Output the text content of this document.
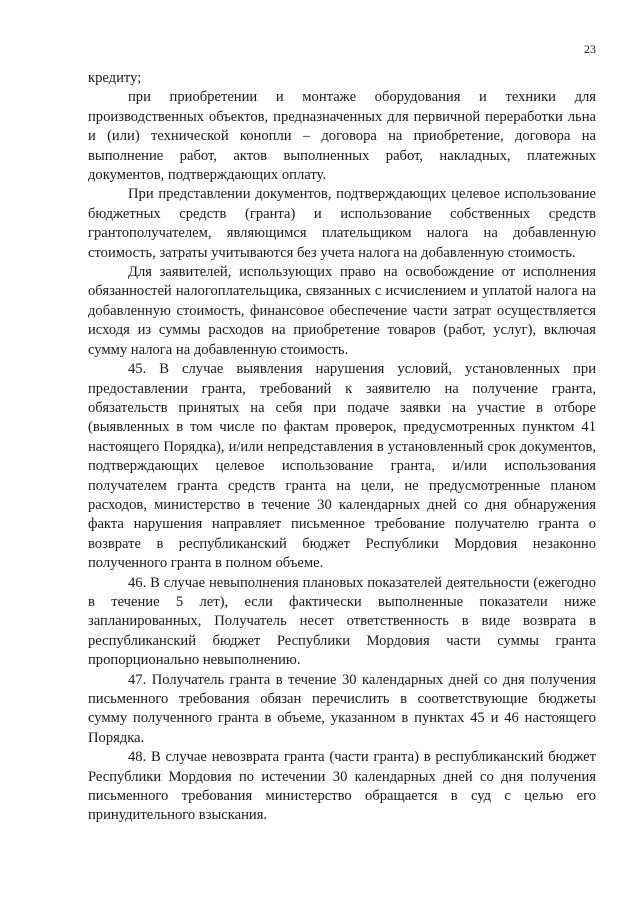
23

кредиту;

при приобретении и монтаже оборудования и техники для производственных объектов, предназначенных для первичной переработки льна и (или) технической конопли – договора на приобретение, договора на выполнение работ, актов выполненных работ, накладных, платежных документов, подтверждающих оплату.

При представлении документов, подтверждающих целевое использование бюджетных средств (гранта) и использование собственных средств грантополучателем, являющимся плательщиком налога на добавленную стоимость, затраты учитываются без учета налога на добавленную стоимость.

Для заявителей, использующих право на освобождение от исполнения обязанностей налогоплательщика, связанных с исчислением и уплатой налога на добавленную стоимость, финансовое обеспечение части затрат осуществляется исходя из суммы расходов на приобретение товаров (работ, услуг), включая сумму налога на добавленную стоимость.

45. В случае выявления нарушения условий, установленных при предоставлении гранта, требований к заявителю на получение гранта, обязательств принятых на себя при подаче заявки на участие в отборе (выявленных в том числе по фактам проверок, предусмотренных пунктом 41 настоящего Порядка), и/или непредставления в установленный срок документов, подтверждающих целевое использование гранта, и/или использования получателем гранта средств гранта на цели, не предусмотренные планом расходов, министерство в течение 30 календарных дней со дня обнаружения факта нарушения направляет письменное требование получателю гранта о возврате в республиканский бюджет Республики Мордовия незаконно полученного гранта в полном объеме.

46. В случае невыполнения плановых показателей деятельности (ежегодно в течение 5 лет), если фактически выполненные показатели ниже запланированных, Получатель несет ответственность в виде возврата в республиканский бюджет Республики Мордовия части суммы гранта пропорционально невыполнению.

47. Получатель гранта в течение 30 календарных дней со дня получения письменного требования обязан перечислить в соответствующие бюджеты сумму полученного гранта в объеме, указанном в пунктах 45 и 46 настоящего Порядка.

48. В случае невозврата гранта (части гранта) в республиканский бюджет Республики Мордовия по истечении 30 календарных дней со дня получения письменного требования министерство обращается в суд с целью его принудительного взыскания.
